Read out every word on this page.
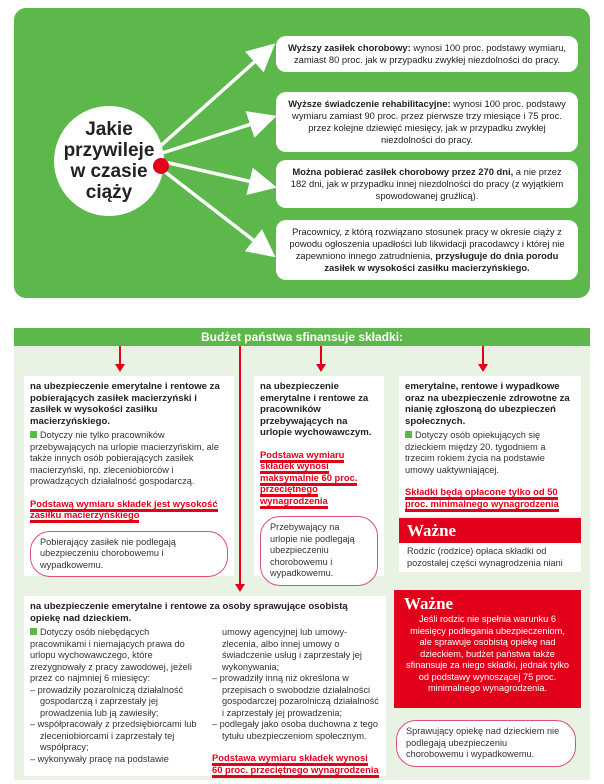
Jakie przywileje w czasie ciąży
Wyższy zasiłek chorobowy: wynosi 100 proc. podstawy wymiaru, zamiast 80 proc. jak w przypadku zwykłej niezdolności do pracy.
Wyższe świadczenie rehabilitacyjne: wynosi 100 proc. podstawy wymiaru zamiast 90 proc. przez pierwsze trzy miesiące i 75 proc. przez kolejne dziewięć miesięcy, jak w przypadku zwykłej niezdolności do pracy.
Można pobierać zasiłek chorobowy przez 270 dni, a nie przez 182 dni, jak w przypadku innej niezdolności do pracy (z wyjątkiem spowodowanej gruźlicą).
Pracownicy, z którą rozwiązano stosunek pracy w okresie ciąży z powodu ogłoszenia upadłości lub likwidacji pracodawcy i której nie zapewniono innego zatrudnienia, przysługuje do dnia porodu zasiłek w wysokości zasiłku macierzyńskiego.
Budżet państwa sfinansuje składki:
na ubezpieczenie emerytalne i rentowe za pobierających zasiłek macierzyński i zasiłek w wysokości zasiłku macierzyńskiego.
Dotyczy nie tylko pracowników przebywających na urlopie macierzyńskim, ale także innych osób pobierających zasiłek macierzyński, np. zleceniobiorców i prowadzących działalność gospodarczą.
Podstawą wymiaru składek jest wysokość zasiłku macierzyńskiego
Pobierający zasiłek nie podlegają ubezpieczeniu chorobowemu i wypadkowemu.
na ubezpieczenie emerytalne i rentowe za pracowników przebywających na urlopie wychowawczym.
Podstawa wymiaru składek wynosi maksymalnie 60 proc. przeciętnego wynagrodzenia
Przebywający na urlopie nie podlegają ubezpieczeniu chorobowemu i wypadkowemu.
emerytalne, rentowe i wypadkowe oraz na ubezpieczenie zdrowotne za nianię zgłoszoną do ubezpieczeń społecznych.
Dotyczy osób opiekujących się dzieckiem między 20. tygodniem a trzecim rokiem życia na podstawie umowy uaktywniającej.
Składki będą opłacone tylko od 50 proc. minimalnego wynagrodzenia
Ważne
Rodzic (rodzice) opłaca składki od pozostałej części wynagrodzenia niani
na ubezpieczenie emerytalne i rentowe za osoby sprawujące osobistą opiekę nad dzieckiem.
Dotyczy osób niebędących pracownikami i niemających prawa do urlopu wychowawczego, które zrezygnowały z pracy zawodowej, jeżeli przez co najmniej 6 miesięcy:
– prowadziły pozarolniczą działalność gospodarczą i zaprzestały jej prowadzenia lub ją zawiesiły;
– współpracowały z przedsiębiorcami lub zleceniobiorcami i zaprzestały tej współpracy;
– wykonywały pracę na podstawie
umowy agencyjnej lub umowy-zlecenia, albo innej umowy o świadczenie usług i zaprzestały jej wykonywania;
– prowadziły inną niż określona w przepisach o swobodzie działalności gospodarczej pozarolniczą działalność i zaprzestały jej prowadzenia;
– podlegały jako osoba duchowna z tego tytułu ubezpieczeniom społecznym.
Podstawa wymiaru składek wynosi 60 proc. przeciętnego wynagrodzenia
Ważne
Jeśli rodzic nie spełnia warunku 6 miesięcy podlegania ubezpieczeniom, ale sprawuje osobistą opiekę nad dzieckiem, budżet państwa także sfinansuje za niego składki, jednak tylko od podstawy wynoszącej 75 proc. minimalnego wynagrodzenia.
Sprawujący opiekę nad dzieckiem nie podlegają ubezpieczeniu chorobowemu i wypadkowemu.
